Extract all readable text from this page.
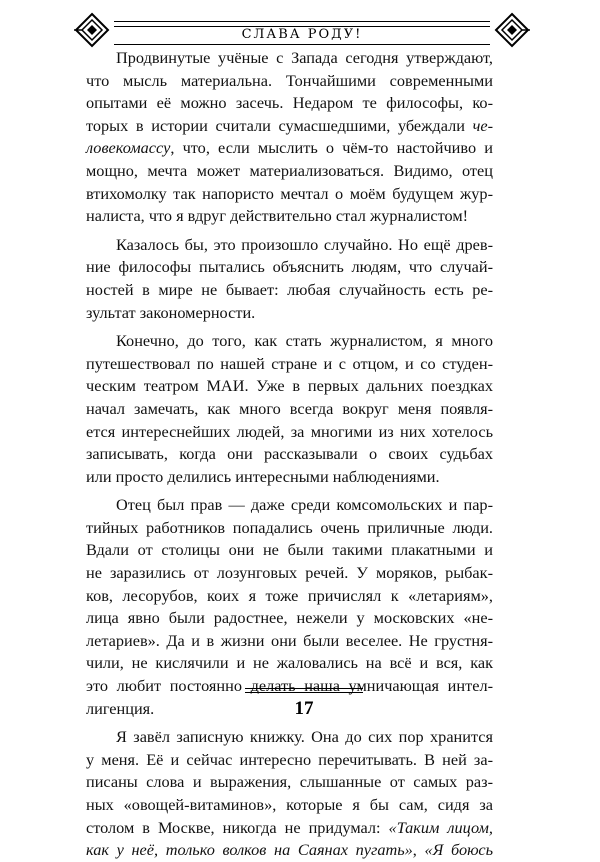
СЛАВА РОДУ!

Продвинутые учёные с Запада сегодня утверждают,
что мысль материальна. Тончайшими современными
опытами её можно засечь. Недаром те философы, ко-
торых в истории считали сумасшедшими, убеждали че-
ловекомассу, что, если мыслить о чём-то настойчиво и
мощно, мечта может материализоваться. Видимо, отец
втихомолку так напористо мечтал о моём будущем жур-
налиста, что я вдруг действительно стал журналистом!

Казалось бы, это произошло случайно. Но ещё древ-
ние философы пытались объяснить людям, что случай-
ностей в мире не бывает: любая случайность есть ре-
зультат закономерности.

Конечно, до того, как стать журналистом, я много
путешествовал по нашей стране и с отцом, и со студен-
ческим театром МАИ. Уже в первых дальних поездках
начал замечать, как много всегда вокруг меня появля-
ется интереснейших людей, за многими из них хотелось
записывать, когда они рассказывали о своих судьбах
или просто делились интересными наблюдениями.

Отец был прав — даже среди комсомольских и пар-
тийных работников попадались очень приличные люди.
Вдали от столицы они не были такими плакатными и
не заразились от лозунговых речей. У моряков, рыбак-
ков, лесорубов, коих я тоже причислял к «летариям»,
лица явно были радостнее, нежели у московских «не-
летариев». Да и в жизни они были веселее. Не грустня-
чили, не кислячили и не жаловались на всё и вся, как
это любит постоянно делать наша умничающая интел-
лигенция.

Я завёл записную книжку. Она до сих пор хранится
у меня. Её и сейчас интересно перечитывать. В ней за-
писаны слова и выражения, слышанные от самых раз-
ных «овощей-витаминов», которые я бы сам, сидя за
столом в Москве, никогда не придумал: «Таким лицом,
как у неё, только волков на Саянах пугать», «Я боюсь

17
